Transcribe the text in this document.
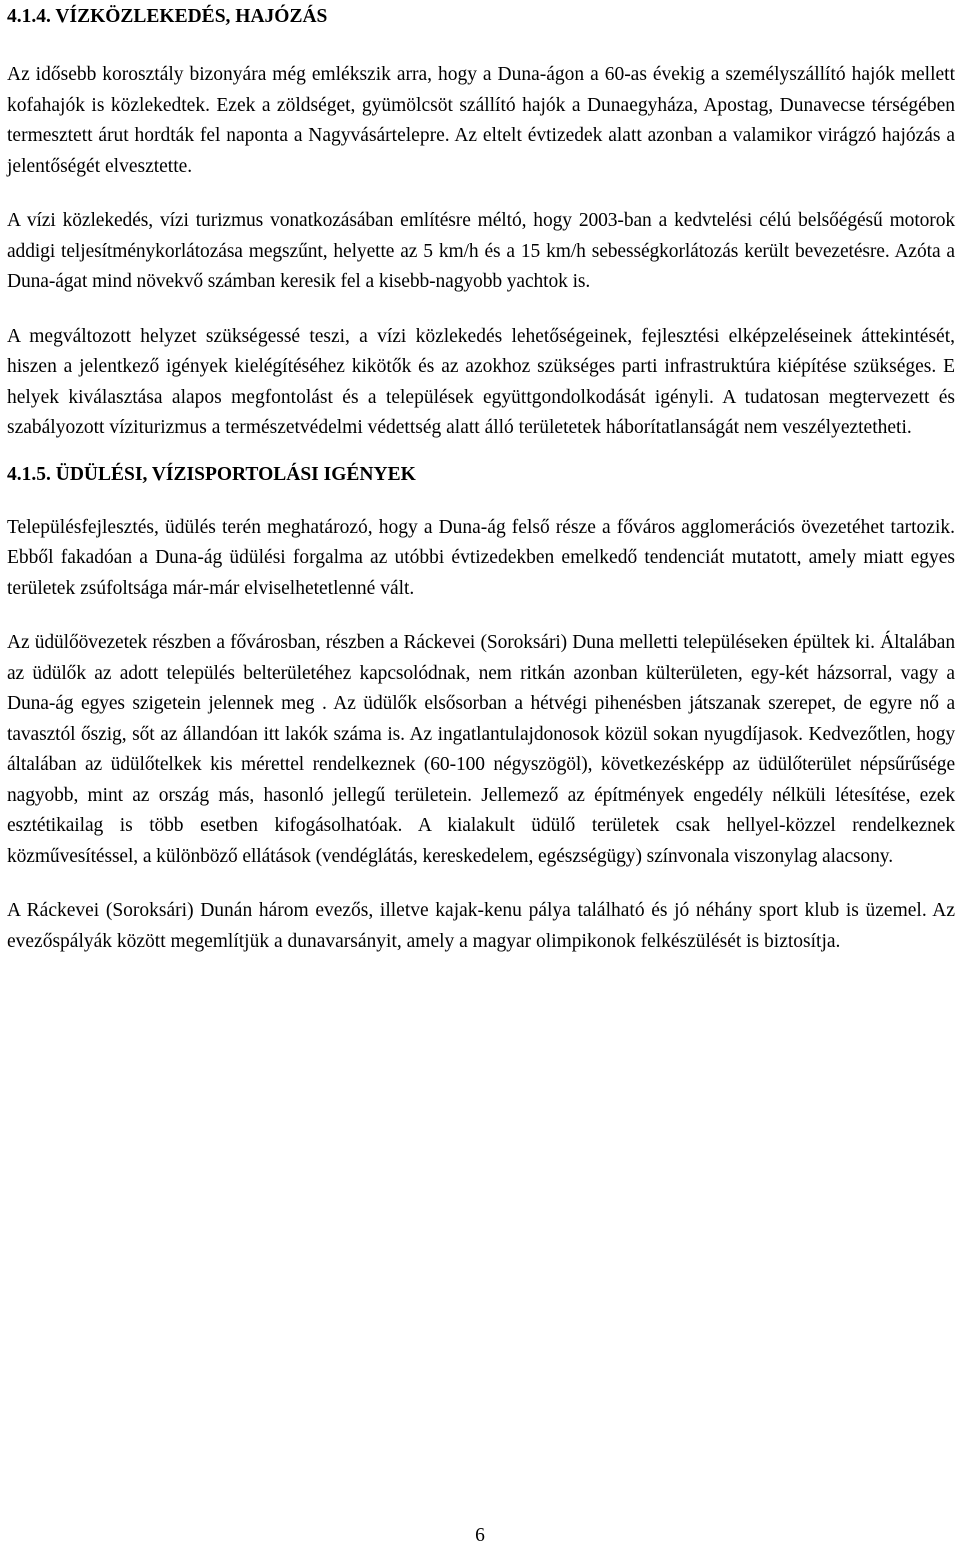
4.1.4. VÍZKÖZLEKEDÉS, HAJÓZÁS

Az idősebb korosztály bizonyára még emlékszik arra, hogy a Duna-ágon a 60-as évekig a személyszállító hajók mellett kofahajók is közlekedtek. Ezek a zöldséget, gyümölcsöt szállító hajók a Dunaegyháza, Apostag, Dunavecse térségében termesztett árut hordták fel naponta a Nagyvásártelepre. Az eltelt évtizedek alatt azonban a valamikor virágzó hajózás a jelentőségét elvesztette.

A vízi közlekedés, vízi turizmus vonatkozásában említésre méltó, hogy 2003-ban a kedvtelési célú belsőégésű motorok addigi teljesítménykorlátozása megszűnt, helyette az 5 km/h és a 15 km/h sebességkorlátozás került bevezetésre. Azóta a Duna-ágat mind növekvő számban keresik fel a kisebb-nagyobb yachtok is.

A megváltozott helyzet szükségessé teszi, a vízi közlekedés lehetőségeinek, fejlesztési elképzeléseinek áttekintését, hiszen a jelentkező igények kielégítéséhez kikötők és az azokhoz szükséges parti infrastruktúra kiépítése szükséges. E helyek kiválasztása alapos megfontolást és a települések együttgondolkodását igényli. A tudatosan megtervezett és szabályozott víziturizmus a természetvédelmi védettség alatt álló területetek háborítatlanságát nem veszélyeztetheti.

4.1.5. ÜDÜLÉSI, VÍZISPORTOLÁSI IGÉNYEK

Településfejlesztés, üdülés terén meghatározó, hogy a Duna-ág felső része a főváros agglomerációs övezetéhet tartozik. Ebből fakadóan a Duna-ág üdülési forgalma az utóbbi évtizedekben emelkedő tendenciát mutatott, amely miatt egyes területek zsúfoltsága már-már elviselhetetlenné vált.

Az üdülőövezetek részben a fővárosban, részben a Ráckevei (Soroksári) Duna melletti településeken épültek ki. Általában az üdülők az adott település belterületéhez kapcsolódnak, nem ritkán azonban külterületen, egy-két házsorral, vagy a Duna-ág egyes szigetein jelennek meg . Az üdülők elsősorban a hétvégi pihenésben játszanak szerepet, de egyre nő a tavasztól őszig, sőt az állandóan itt lakók száma is. Az ingatlantulajdonosok közül sokan nyugdíjasok. Kedvezőtlen, hogy általában az üdülőtelkek kis mérettel rendelkeznek (60-100 négyszögöl), következésképp az üdülőterület népsűrűsége nagyobb, mint az ország más, hasonló jellegű területein. Jellemező az építmények engedély nélküli létesítése, ezek esztétikailag is több esetben kifogásolhatóak. A kialakult üdülő területek csak hellyel-közzel rendelkeznek közművesítéssel, a különböző ellátások (vendéglátás, kereskedelem, egészségügy) színvonala viszonylag alacsony.

A Ráckevei (Soroksári) Dunán három evezős, illetve kajak-kenu pálya található és jó néhány sport klub is üzemel. Az evezőspályák között megemlítjük a dunavarsányit, amely a magyar olimpikonok felkészülését is biztosítja.

6
